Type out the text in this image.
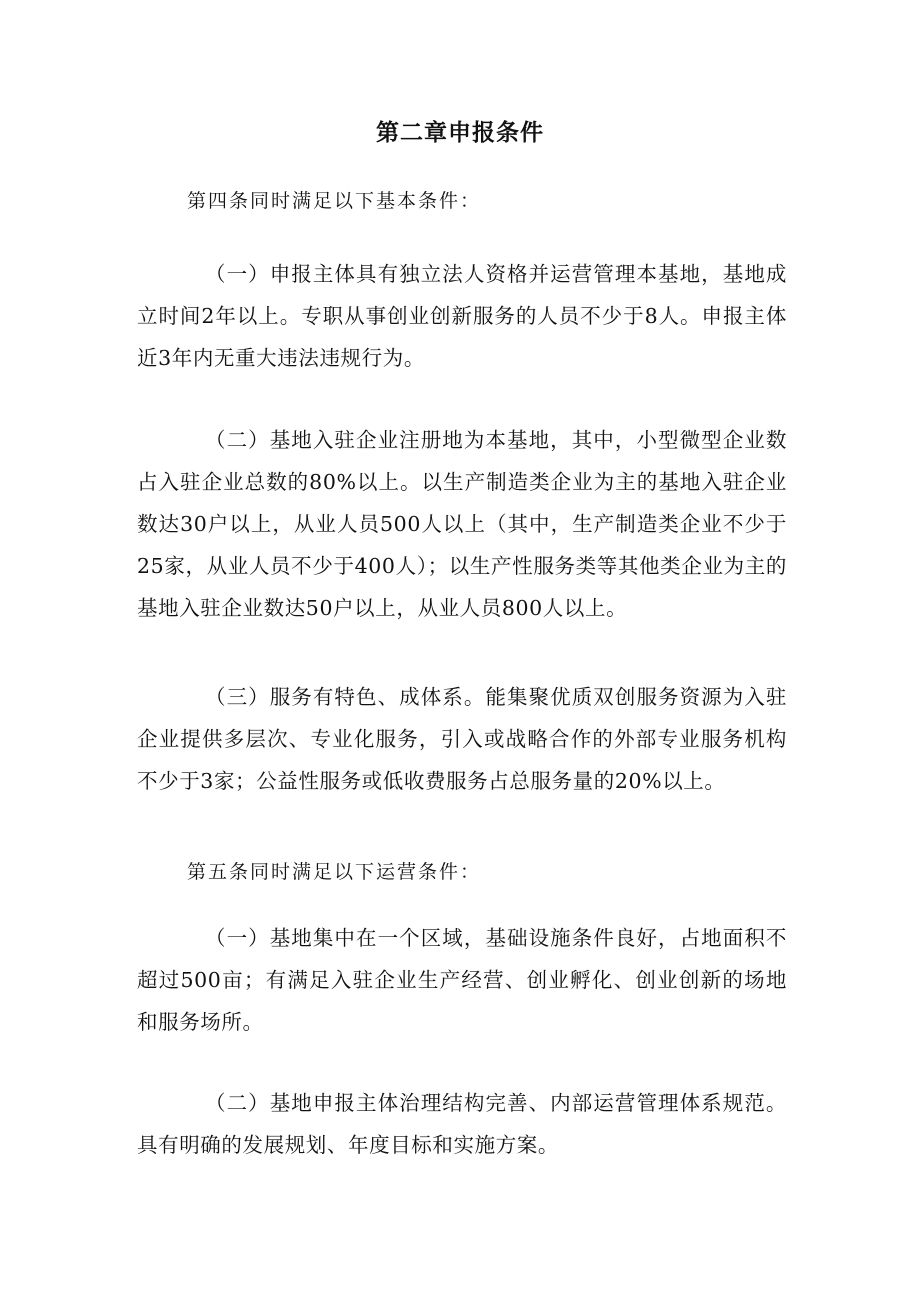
第二章申报条件

第四条同时满足以下基本条件：

（一）申报主体具有独立法人资格并运营管理本基地，基地成立时间2年以上。专职从事创业创新服务的人员不少于8人。申报主体近3年内无重大违法违规行为。

（二）基地入驻企业注册地为本基地，其中，小型微型企业数占入驻企业总数的80%以上。以生产制造类企业为主的基地入驻企业数达30户以上，从业人员500人以上（其中，生产制造类企业不少于25家，从业人员不少于400人）；以生产性服务类等其他类企业为主的基地入驻企业数达50户以上，从业人员800人以上。

（三）服务有特色、成体系。能集聚优质双创服务资源为入驻企业提供多层次、专业化服务，引入或战略合作的外部专业服务机构不少于3家；公益性服务或低收费服务占总服务量的20%以上。

第五条同时满足以下运营条件：

（一）基地集中在一个区域，基础设施条件良好，占地面积不超过500亩；有满足入驻企业生产经营、创业孵化、创业创新的场地和服务场所。

（二）基地申报主体治理结构完善、内部运营管理体系规范。具有明确的发展规划、年度目标和实施方案。
